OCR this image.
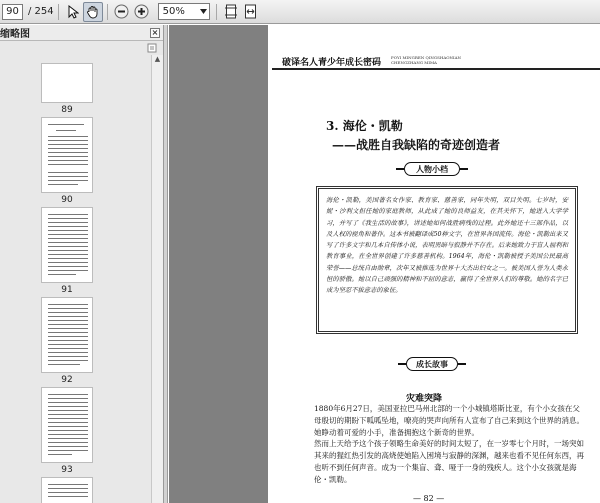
90 / 254	50%
缩略图	×
89
90
91
92
93
▲	破译名人青少年成长密码
POYI MINGREN QINGSHAONIAN CHENGZHANG MIMA
3. 海伦・凯勒
——战胜自我缺陷的奇迹创造者
人物小档
海伦・凯勒，美国著名女作家、教育家、慈善家，同年失明，双目失明。七岁时，安妮・沙利文担任她的家庭教师，从此成了她的良师益友，在其关怀下，她进入大学学习，并写了《我生活的故事》，讲述她如何战胜病残的过程。此外她还十三部作品，以及人权的视角和著作。这本书被翻译成50种文字，在世界各国流传。海伦・凯勒出来又写了许多文字和几本自传体小说，表明黑暗与寂静并不存在。后来她致力于盲人福利和教育事业，在全世界创建了许多慈善机构。1964年，海伦・凯勒被授予美国公民最高荣誉——总统自由勋章，次年又被推选为世界十大杰出妇女之一。被美国人誉为人类永恒的骄傲。她以自己顽强的精神和不屈的意志，赢得了全世界人们的尊敬。她的名字已成为坚忍不拔意志的象征。
成长故事
灾难突降

1880年6月27日，美国亚拉巴马州北部的一个小城镇塔斯比亚，有个小女孩在父母殷切的期盼下呱呱坠地，嘹亮的哭声向所有人宣布了自己来到这个世界的消息。她睁动着可爱的小手，准备拥抱这个新奇的世界。

然而上天给予这个孩子领略生命美好的时间太短了，在一岁零七个月时，一场突如其来的猩红热引发的高烧使她陷入困境与寂静的深渊，越来也看不见任何东西，再也听不到任何声音。成为一个集盲、聋、哑于一身的残疾人。这个小女孩就是海伦・凯勒。

— 82 —
